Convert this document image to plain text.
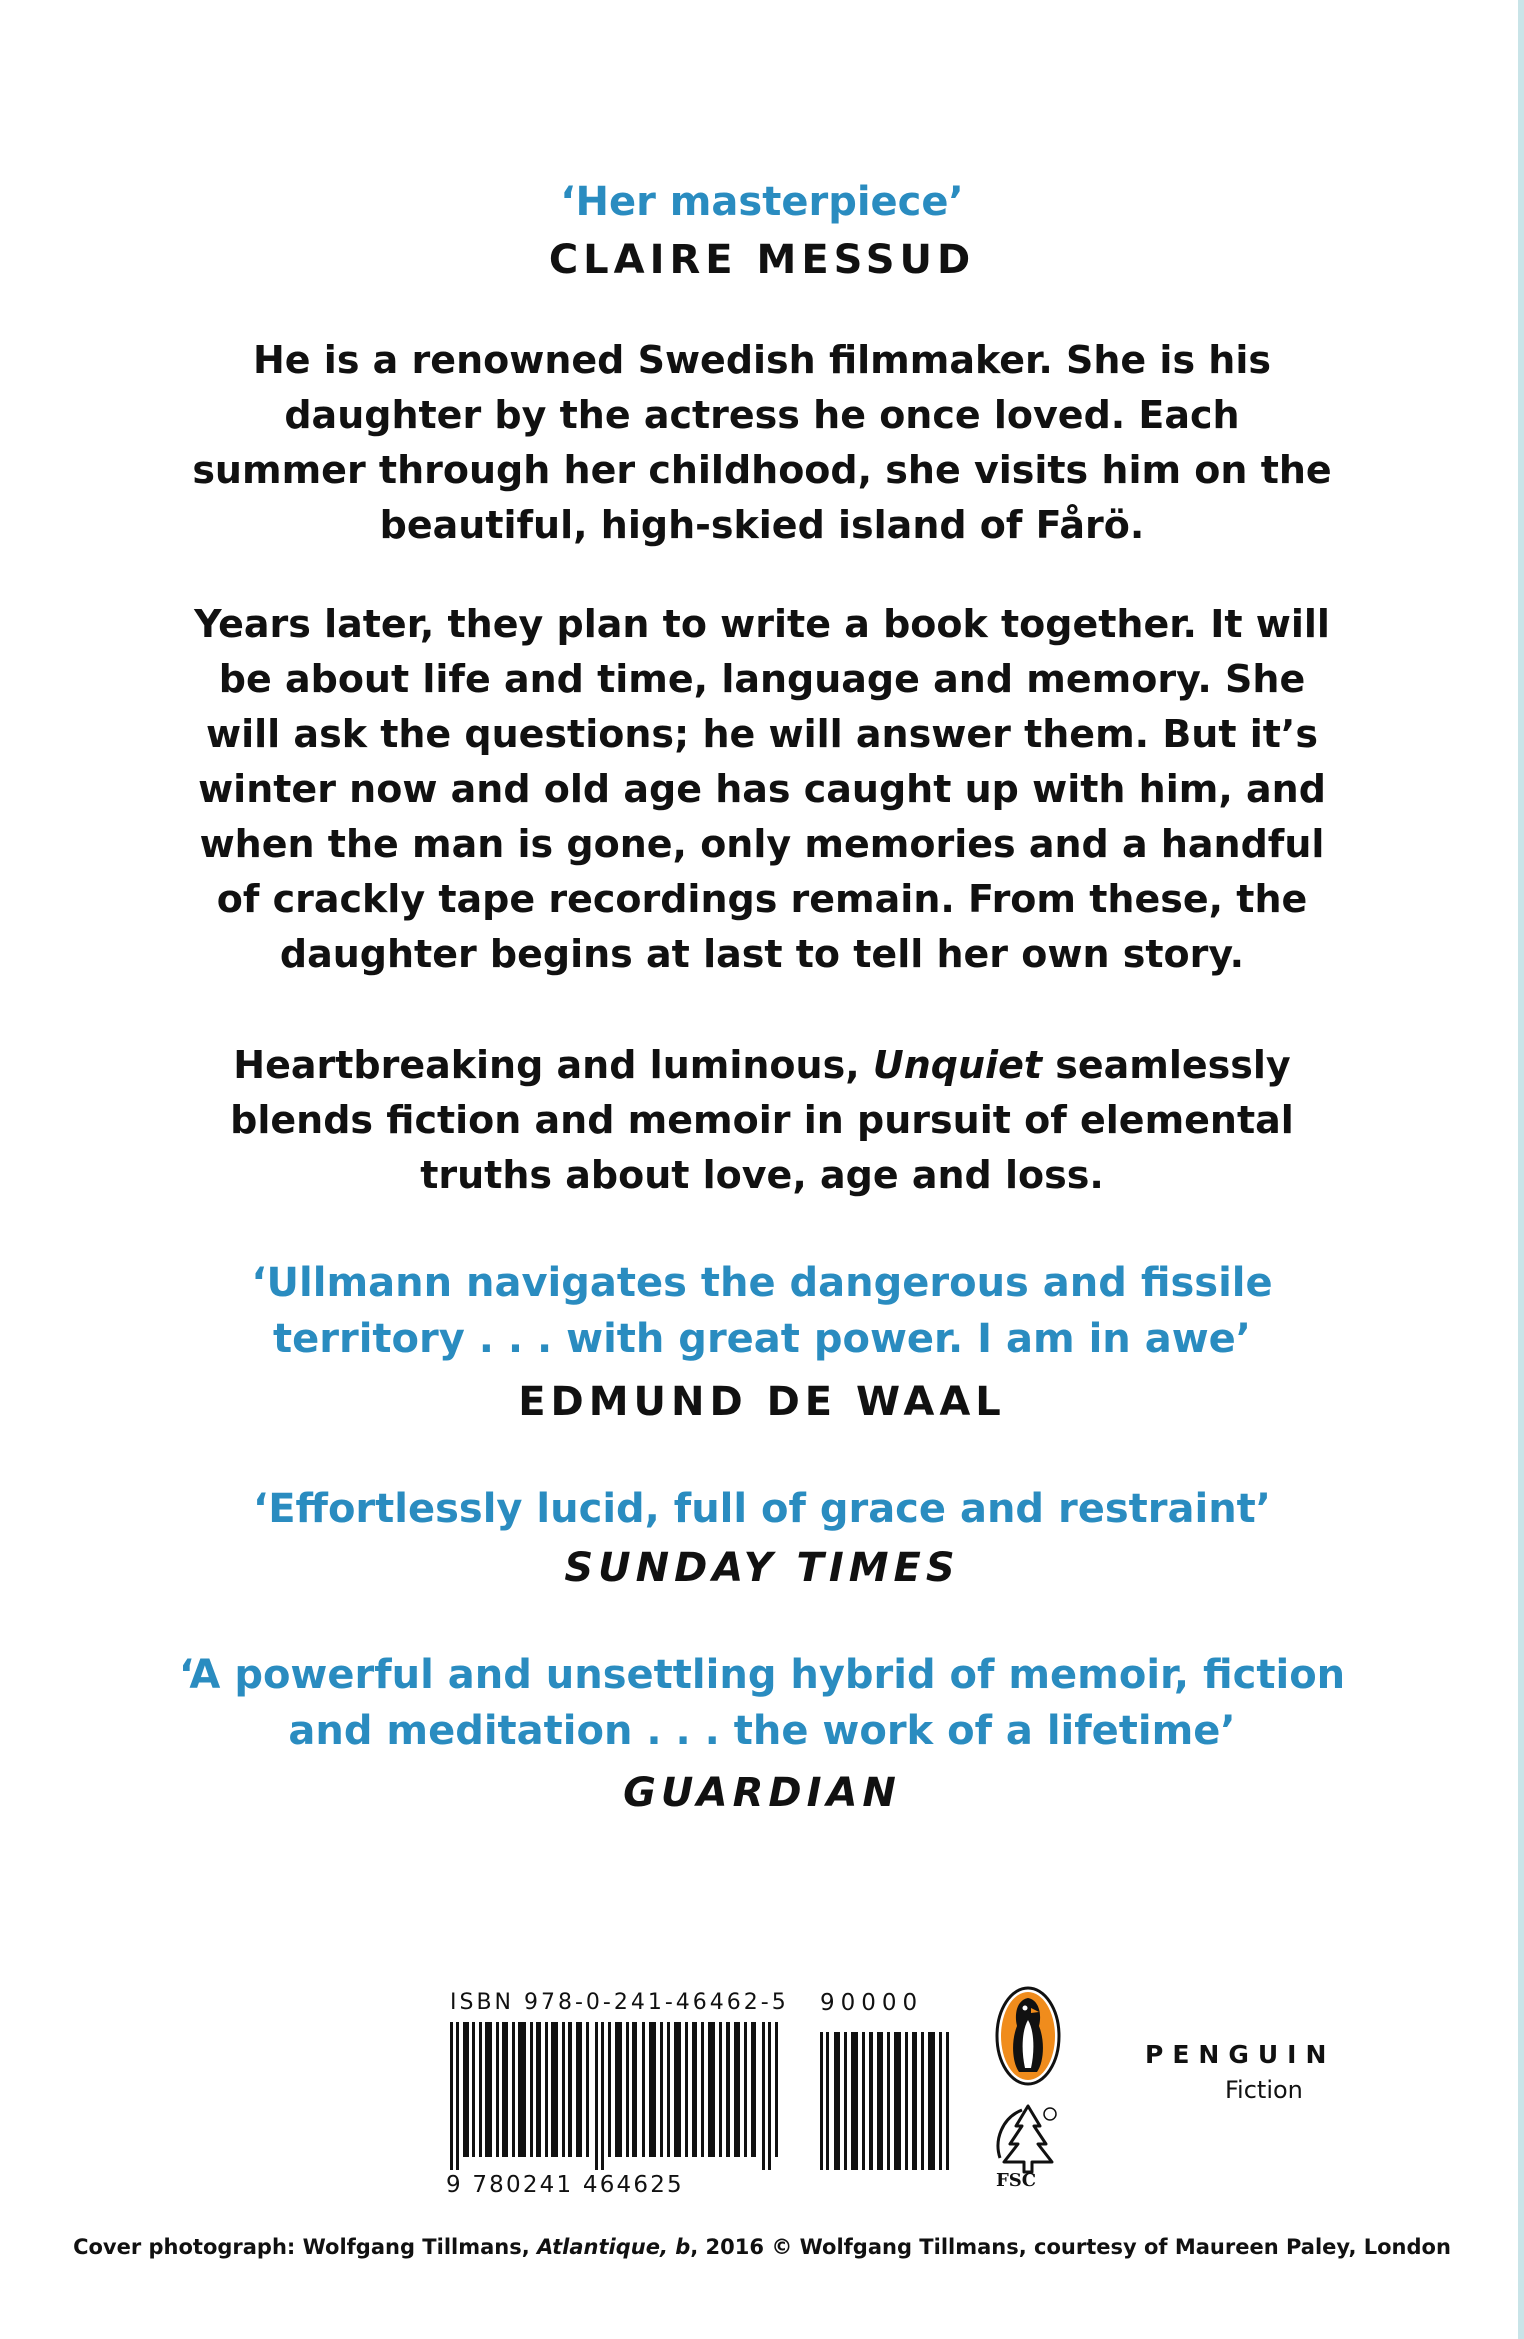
‘Her masterpiece’
CLAIRE MESSUD
He is a renowned Swedish filmmaker. She is his
daughter by the actress he once loved. Each
summer through her childhood, she visits him on the
beautiful, high-skied island of Fårö.
Years later, they plan to write a book together. It will
be about life and time, language and memory. She
will ask the questions; he will answer them. But it’s
winter now and old age has caught up with him, and
when the man is gone, only memories and a handful
of crackly tape recordings remain. From these, the
daughter begins at last to tell her own story.
Heartbreaking and luminous, Unquiet seamlessly
blends fiction and memoir in pursuit of elemental
truths about love, age and loss.
‘Ullmann navigates the dangerous and fissile
territory . . . with great power. I am in awe’
EDMUND DE WAAL
‘Effortlessly lucid, full of grace and restraint’
SUNDAY TIMES
‘A powerful and unsettling hybrid of memoir, fiction
and meditation . . . the work of a lifetime’
GUARDIAN
ISBN 978-0-241-46462-5
9 780241 464625
90000
FSC
PENGUIN
Fiction
Cover photograph: Wolfgang Tillmans, Atlantique, b, 2016 © Wolfgang Tillmans, courtesy of Maureen Paley, London
